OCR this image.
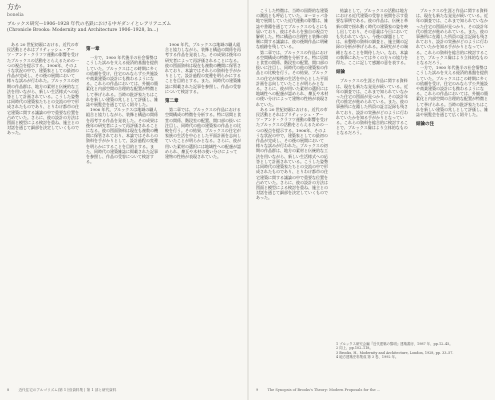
方か
bonelia
ブルックス研究—1906–1928 年代の名鉄における中ギダンイとレアリアニズム
(Chronicle Brooks: Modernity and Architecture 1906–1928, In...)

ある 20 世紀初頭における、近代の市民活動とそれはブリティッシュ・アーツ・アンド・クラフツ運動の影響を受けたブルックスの活動をとらえるための一つの視点を提示する。1906年、そのような状況の中で、建築家としての最初の作品が完成し、その後の展開において様々な試みが行われた。ブルックスの初期の作品群は、地方の素材と伝統的な工法を用いながら、新しい生活様式への応答として計画されている。こうした姿勢は同時代の建築家たちとの交流の中で形成されたものであり、とりわけ都市の住宅建築に関する議論の中で重要な位置を占めていた。さらに、彼の設計の方法は図面と模型による検討を重ね、施主との対話を通じて細部を決定していくものであった。

第一章

一方で、1900 年代後半の社会情勢はこうした試みを支える経済的基盤を提供していた。ブルックスはこの時期に多くの依頼を受け、住宅のみならず公共施設や商業建築の設計にも携わるようになる。これらの作品においては、外観の簡素化と内部空間の合理的な配置が特徴として挙げられる。当時の批評家たちはこれを新しい建築の兆しとして評価し、雑誌や展覧会を通じて広く紹介した。

1906 年代、ブルックスは地域の職人組合と協力しながら、装飾と構造の関係を再考する作品を発表した。その成果は後年の研究者によって再評価されることになる。彼の図面資料は現在も複数の機関に保管されており、本論ではそれらの資料を手がかりとして、設計過程の変遷を明らかにすることを目的とする。また、同時代の建築雑誌に掲載された記事を参照し、作品の受容について検討する。

1906 年代、ブルックスは地域の職人組合と協力しながら、装飾と構造の関係を再考する作品を発表した。その成果は後年の研究者によって再評価されることになる。彼の図面資料は現在も複数の機関に保管されており、本論ではそれらの資料を手がかりとして、設計過程の変遷を明らかにすることを目的とする。また、同時代の建築雑誌に掲載された記事を参照し、作品の受容について検討する。

第二章

第二章では、ブルックスの作品における空間構成の特徴を分析する。特に居間と食堂の関係、階段室の配置、開口部の扱いに注目し、同時代の他の建築家の作品との比較を行う。その結果、ブルックスの住宅が家族の生活を中心とした平面計画を志向していたことが明らかとなる。さらに、彼が用いた素材の選択には地域性への配慮が認められ、煉瓦や木材の使い分けによって建物の性格が表現されていた。

こうした特徴は、当時の国際的な建築の潮流とも呼応していた。ヨーロッパ各地で展開していた近代運動の影響は、雑誌や書籍を通じてブルックスのもとにも届いており、彼はそれらを独自の視点で解釈した。特に構造の合理性と装飾の抑制に関する議論は、彼の後期作品に明確な痕跡を残している。

第二章では、ブルックスの作品における空間構成の特徴を分析する。特に居間と食堂の関係、階段室の配置、開口部の扱いに注目し、同時代の他の建築家の作品との比較を行う。その結果、ブルックスの住宅が家族の生活を中心とした平面計画を志向していたことが明らかとなる。さらに、彼が用いた素材の選択には地域性への配慮が認められ、煉瓦や木材の使い分けによって建物の性格が表現されていた。

ある 20 世紀初頭における、近代の市民活動とそれはブリティッシュ・アーツ・アンド・クラフツ運動の影響を受けたブルックスの活動をとらえるための一つの視点を提示する。1906年、そのような状況の中で、建築家としての最初の作品が完成し、その後の展開において様々な試みが行われた。ブルックスの初期の作品群は、地方の素材と伝統的な工法を用いながら、新しい生活様式への応答として計画されている。こうした姿勢は同時代の建築家たちとの交流の中で形成されたものであり、とりわけ都市の住宅建築に関する議論の中で重要な位置を占めていた。さらに、彼の設計の方法は図面と模型による検討を重ね、施主との対話を通じて細部を決定していくものであった。

結論として、ブルックスの活動は地方における近代建築の受容と展開を示す重要な事例である。彼の作品は、伝統と革新の間で揺れ動く時代の建築家の姿を映し出しており、その意義は今日においても失われていない。今後の課題としては、未整理の資料の調査と、施主側の記録の分析が挙げられる。本研究がその端緒となることを期待したい。なお、本論の執筆にあたっては多くの方々の協力を得た。ここに記して感謝の意を表する。

結論

ブルックスの生涯と作品に関する資料は、現在も新たな発見が続いている。近年の調査では、これまで知られていなかった住宅の図面が見つかり、その設計年代の推定が進められている。また、彼の事務所に在籍した所員の証言記録も残されており、設計の実務がどのように行われていたかを知る手がかりとなっている。これらの資料を総合的に検討することで、ブルックス像はより立体的なものとなるだろう。

ブルックスの生涯と作品に関する資料は、現在も新たな発見が続いている。近年の調査では、これまで知られていなかった住宅の図面が見つかり、その設計年代の推定が進められている。また、彼の事務所に在籍した所員の証言記録も残されており、設計の実務がどのように行われていたかを知る手がかりとなっている。これらの資料を総合的に検討することで、ブルックス像はより立体的なものとなるだろう。

一方で、1900 年代後半の社会情勢はこうした試みを支える経済的基盤を提供していた。ブルックスはこの時期に多くの依頼を受け、住宅のみならず公共施設や商業建築の設計にも携わるようになる。これらの作品においては、外観の簡素化と内部空間の合理的な配置が特徴として挙げられる。当時の批評家たちはこれを新しい建築の兆しとして評価し、雑誌や展覧会を通じて広く紹介した。

結論の注
1 ブルックス研究会編『近代建築の黎明』建築書房、1987 年、pp.12–45。
2 同上、pp.102–118。
3 Brooks, H., Modernity and Architecture, London, 1928, pp. 33–57.
4 地方建築史料集成 第 3 巻、1992 年。
8	近代住宅のアルゴリズム(第 1 回)資料集 | 第 1 部と研究資料	9	The Synopsis of Brooks's Theory: Modern Proposals for the ...
